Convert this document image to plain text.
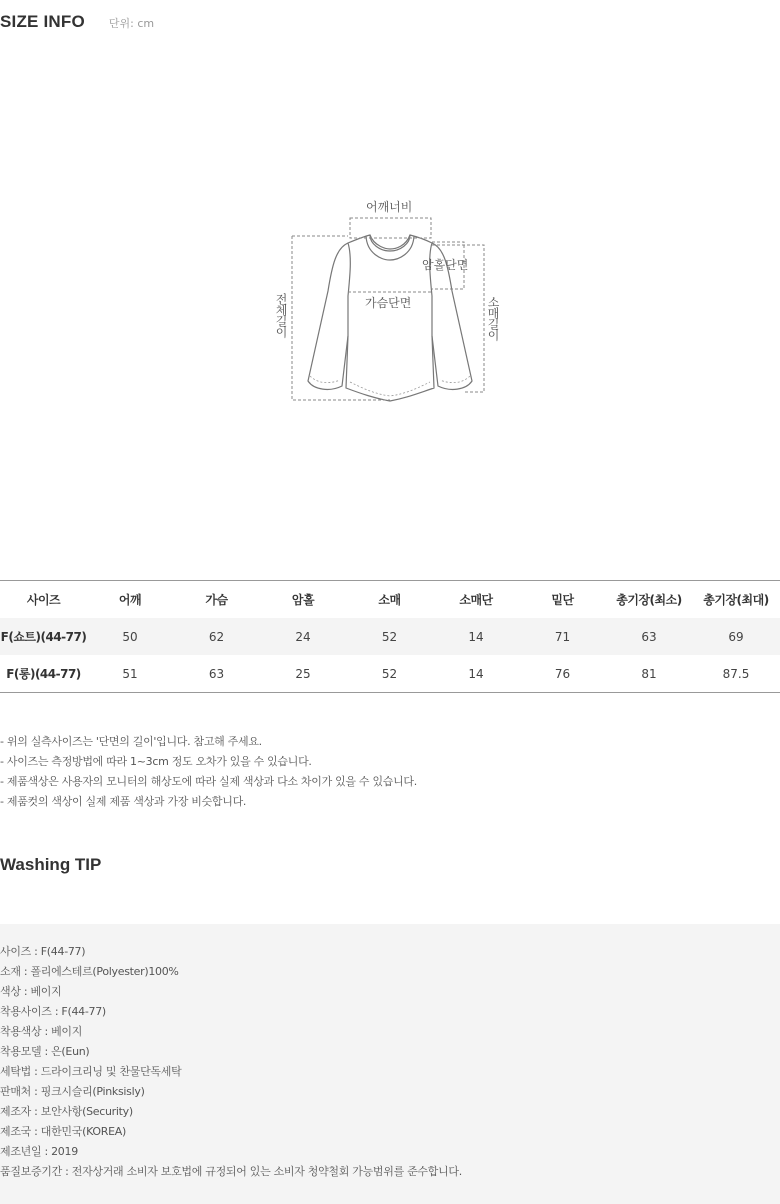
SIZE INFO 단위: cm
어깨너비
암홀단면
가슴단면
전체길이	소매길이
사이즈	어깨	가슴	암홀	소매	소매단	밑단	총기장(최소)	총기장(최대)
F(쇼트)(44-77)	50	62	24	52	14	71	63	69
F(롱)(44-77)	51	63	25	52	14	76	81	87.5
- 위의 실측사이즈는 '단면의 길이'입니다. 참고해 주세요.
- 사이즈는 측정방법에 따라 1~3cm 정도 오차가 있을 수 있습니다.
- 제품색상은 사용자의 모니터의 해상도에 따라 실제 색상과 다소 차이가 있을 수 있습니다.
- 제품컷의 색상이 실제 제품 색상과 가장 비슷합니다.
Washing TIP
사이즈 : F(44-77)
소재 : 폴리에스테르(Polyester)100%
색상 : 베이지
착용사이즈 : F(44-77)
착용색상 : 베이지
착용모델 : 은(Eun)
세탁법 : 드라이크리닝 및 찬물단독세탁
판매처 : 핑크시슬리(Pinksisly)
제조자 : 보안사항(Security)
제조국 : 대한민국(KOREA)
제조년일 : 2019
품질보증기간 : 전자상거래 소비자 보호법에 규정되어 있는 소비자 청약철회 가능범위를 준수합니다.
